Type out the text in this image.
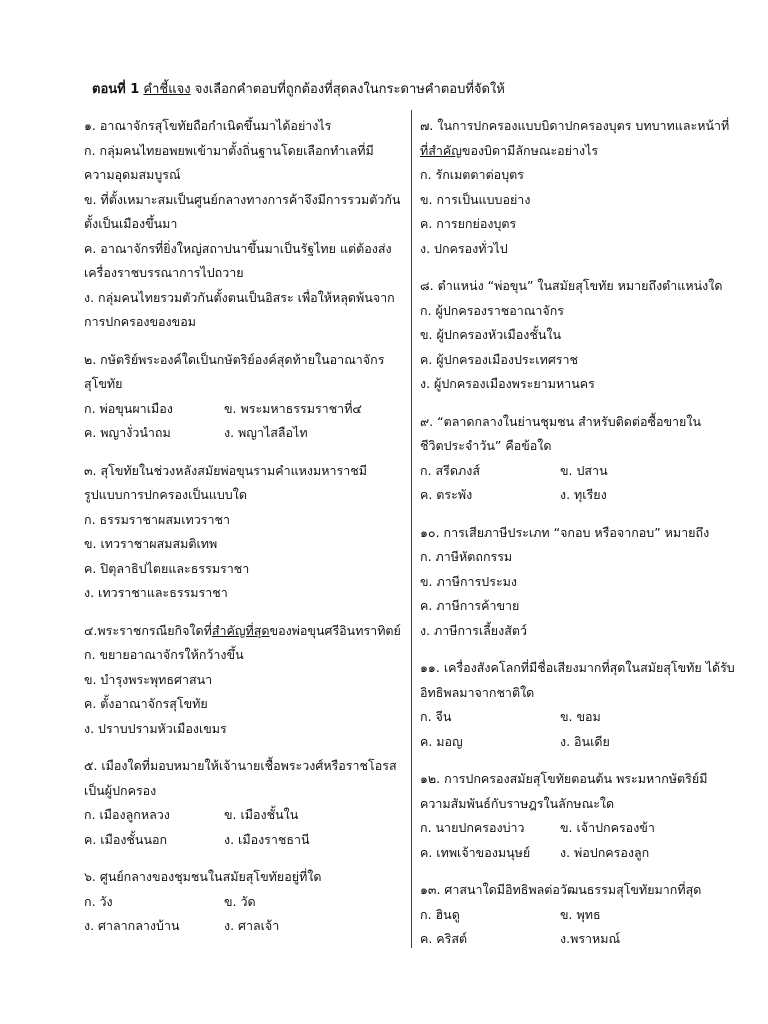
ตอนที่ 1 คำชี้แจง จงเลือกคำตอบที่ถูกต้องที่สุดลงในกระดาษคำตอบที่จัดให้
๑. อาณาจักรสุโขทัยถือกำเนิดขึ้นมาได้อย่างไร
ก. กลุ่มคนไทยอพยพเข้ามาตั้งถิ่นฐานโดยเลือกทำเลที่มี
ความอุดมสมบูรณ์
ข. ที่ตั้งเหมาะสมเป็นศูนย์กลางทางการค้าจึงมีการรวมตัวกัน
ตั้งเป็นเมืองขึ้นมา
ค. อาณาจักรที่ยิ่งใหญ่สถาปนาขึ้นมาเป็นรัฐไทย แต่ต้องส่ง
เครื่องราชบรรณาการไปถวาย
ง. กลุ่มคนไทยรวมตัวกันตั้งตนเป็นอิสระ เพื่อให้หลุดพ้นจาก
การปกครองของขอม
๒. กษัตริย์พระองค์ใดเป็นกษัตริย์องค์สุดท้ายในอาณาจักร
สุโขทัย
ก. พ่อขุนผาเมือง	ข. พระมหาธรรมราชาที่๔
ค. พญางั่วนำถม	ง. พญาไสลือไท
๓. สุโขทัยในช่วงหลังสมัยพ่อขุนรามคำแหงมหาราชมี
รูปแบบการปกครองเป็นแบบใด
ก. ธรรมราชาผสมเทวราชา
ข. เทวราชาผสมสมติเทพ
ค. ปิตุลาธิปไตยและธรรมราชา
ง. เทวราชาและธรรมราชา
๔.พระราชกรณียกิจใดที่สำคัญที่สุดของพ่อขุนศรีอินทราทิตย์
ก. ขยายอาณาจักรให้กว้างขึ้น
ข. บำรุงพระพุทธศาสนา
ค. ตั้งอาณาจักรสุโขทัย
ง. ปราบปรามหัวเมืองเขมร
๕. เมืองใดที่มอบหมายให้เจ้านายเชื้อพระวงศ์หรือราชโอรส
เป็นผู้ปกครอง
ก. เมืองลูกหลวง	ข. เมืองชั้นใน
ค. เมืองชั้นนอก	ง. เมืองราชธานี
๖. ศูนย์กลางของชุมชนในสมัยสุโขทัยอยู่ที่ใด
ก. วัง	ข. วัด
ง. ศาลากลางบ้าน	ง. ศาลเจ้า
๗. ในการปกครองแบบบิดาปกครองบุตร บทบาทและหน้าที่
ที่สำคัญของบิดามีลักษณะอย่างไร
ก. รักเมตตาต่อบุตร
ข. การเป็นแบบอย่าง
ค. การยกย่องบุตร
ง. ปกครองทั่วไป
๘. ตำแหน่ง “พ่อขุน” ในสมัยสุโขทัย หมายถึงตำแหน่งใด
ก. ผู้ปกครองราชอาณาจักร
ข. ผู้ปกครองหัวเมืองชั้นใน
ค. ผู้ปกครองเมืองประเทศราช
ง. ผู้ปกครองเมืองพระยามหานคร
๙. “ตลาดกลางในย่านชุมชน สำหรับติดต่อซื้อขายใน
ชีวิตประจำวัน” คือข้อใด
ก. สรีดภงส์	ข. ปสาน
ค. ตระพัง	ง. ทุเรียง
๑๐. การเสียภาษีประเภท “จกอบ หรือจากอบ” หมายถึง
ก. ภาษีหัตถกรรม
ข. ภาษีการประมง
ค. ภาษีการค้าขาย
ง. ภาษีการเลี้ยงสัตว์
๑๑. เครื่องสังคโลกที่มีชื่อเสียงมากที่สุดในสมัยสุโขทัย ได้รับ
อิทธิพลมาจากชาติใด
ก. จีน	ข. ขอม
ค. มอญ	ง. อินเดีย
๑๒. การปกครองสมัยสุโขทัยตอนต้น พระมหากษัตริย์มี
ความสัมพันธ์กับราษฎรในลักษณะใด
ก. นายปกครองบ่าว	ข. เจ้าปกครองข้า
ค. เทพเจ้าของมนุษย์	ง. พ่อปกครองลูก
๑๓. ศาสนาใดมีอิทธิพลต่อวัฒนธรรมสุโขทัยมากที่สุด
ก. ฮินดู	ข. พุทธ
ค. คริสต์	ง.พราหมณ์
